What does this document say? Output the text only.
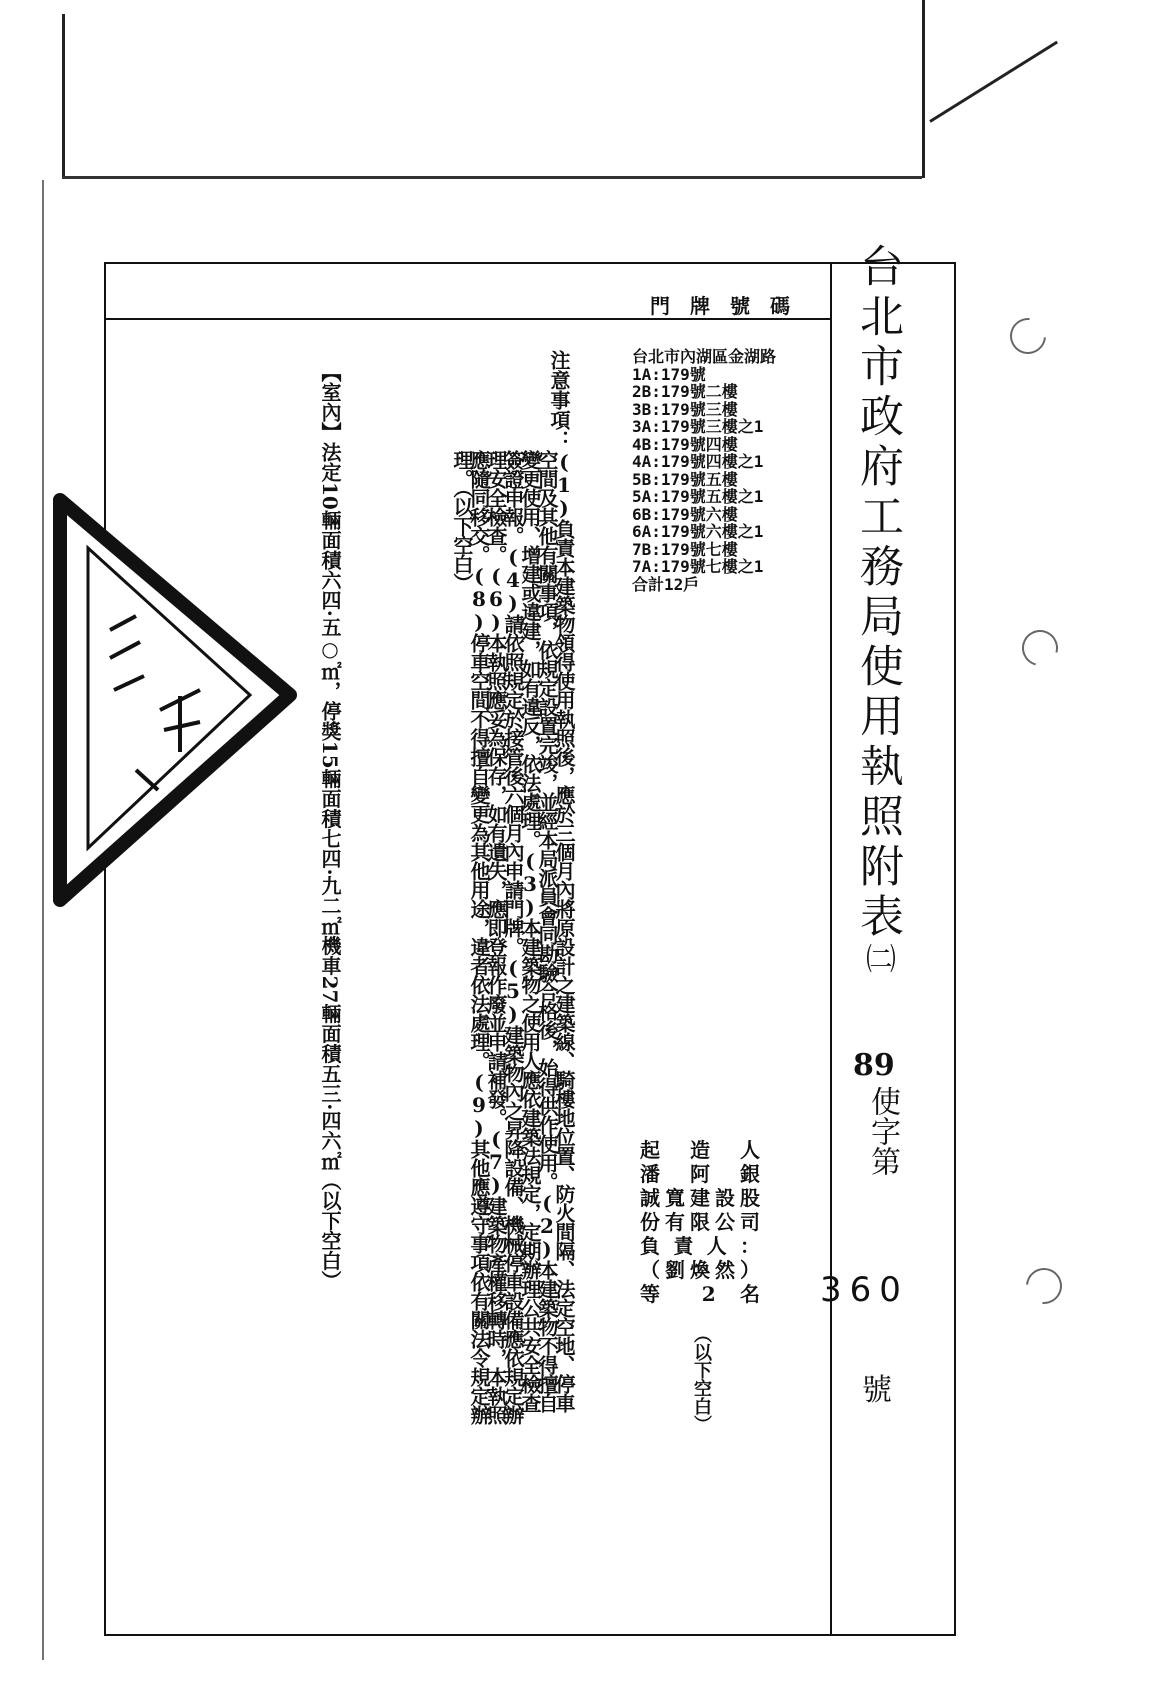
台北市政府工務局使用執照附表
㈡
89
使字第
360
號
門牌號碼
台北市內湖區金湖路
1A:179號
2B:179號二樓
3B:179號三樓
3A:179號三樓之1
4B:179號四樓
4A:179號四樓之1
5B:179號五樓
5A:179號五樓之1
6B:179號六樓
6A:179號六樓之1
7B:179號七樓
7A:179號七樓之1
合計12戶
注意事項：
(1)負責本建築物領得使用執照後，應於三個月內將原設計之建築線、騎樓地位置、防火間隔、法定空地、停車空間及其他有關事項，依規定設置完竣，並經本局派員會同勘驗合格後，始得供作使用。(2)本建築物不得擅自變更使用、增建或違建，如有違反，依法處理。(3)本建築物之使用人應依建築法規定，定期辦理公共安全檢查簽證申報。(4)請依照規定於接管後六個月內申請門牌。(5)建築物內之昇降設備、機械停車設備應依規定辦理安全檢查。(6)本執照應妥為保存，如有遺失，應即登報作廢並申請補發。(7)建築物產權移轉時，本執照應隨同移交。(8)停車空間不得擅自變更為其他用途，違者依法處理。(9)其他應遵守事項依有關法令規定辦理。（以下空白）
【室內】法定10輛面積六四·五○㎡，停獎15輛面積七四·九二㎡機車27輛面積五三·四六㎡（以下空白）	起造人
潘阿銀
誠寬建設股
份有限公司
負責人：
（劉煥然）
等 2 名
（以下空白）
